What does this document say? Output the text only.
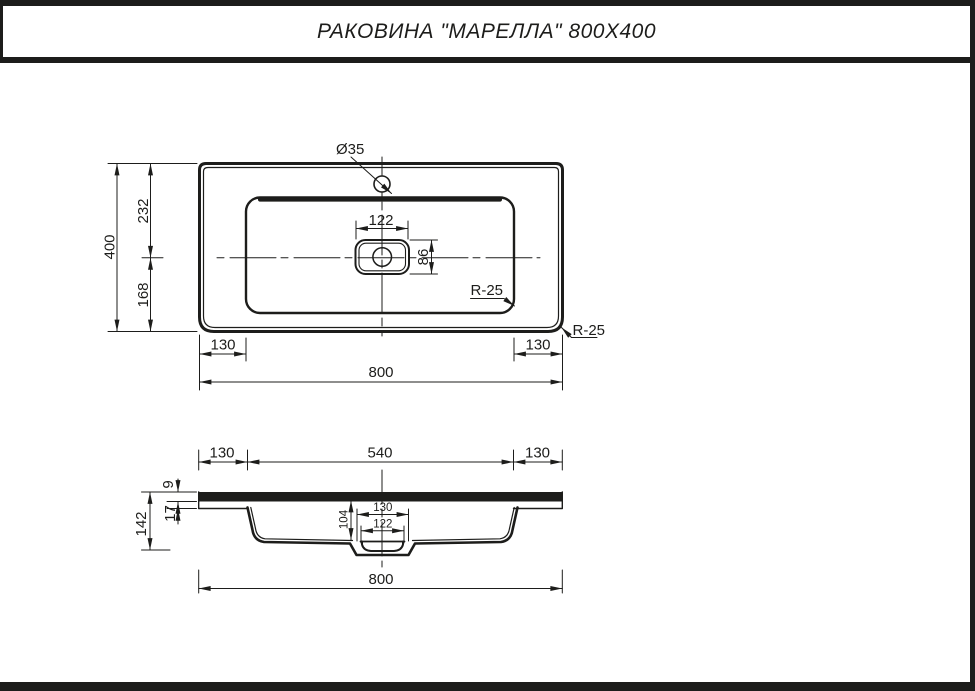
РАКОВИНА "МАРЕЛЛА" 800X400
Ø35
122
86
400
232
168
130	130
800
R-25
R-25
130	540	130
9
17
142	104
130
122
800
